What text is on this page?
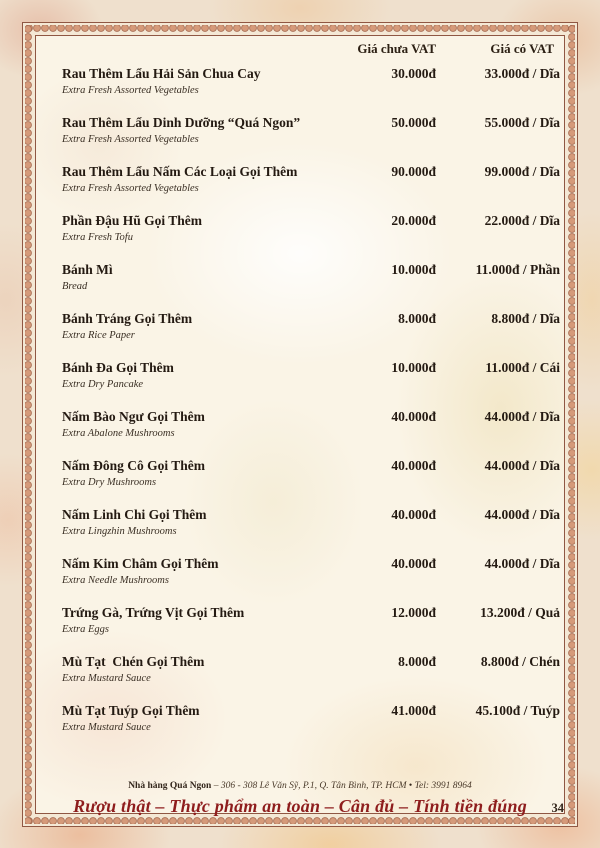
Giá chưa VAT	Giá có VAT
Rau Thêm Lẩu Hải Sản Chua Cay
Extra Fresh Assorted Vegetables
30.000đ	33.000đ / Dĩa
Rau Thêm Lẩu Dinh Dưỡng “Quá Ngon”
Extra Fresh Assorted Vegetables
50.000đ	55.000đ / Dĩa
Rau Thêm Lẩu Nấm Các Loại Gọi Thêm
Extra Fresh Assorted Vegetables
90.000đ	99.000đ / Dĩa
Phần Đậu Hũ Gọi Thêm
Extra Fresh Tofu
20.000đ	22.000đ / Dĩa
Bánh Mì
Bread
10.000đ	11.000đ / Phần
Bánh Tráng Gọi Thêm
Extra Rice Paper
8.000đ	8.800đ / Dĩa
Bánh Đa Gọi Thêm
Extra Dry Pancake
10.000đ	11.000đ / Cái
Nấm Bào Ngư Gọi Thêm
Extra Abalone Mushrooms
40.000đ	44.000đ / Dĩa
Nấm Đông Cô Gọi Thêm
Extra Dry Mushrooms
40.000đ	44.000đ / Dĩa
Nấm Linh Chi Gọi Thêm
Extra Lingzhin Mushrooms
40.000đ	44.000đ / Dĩa
Nấm Kim Châm Gọi Thêm
Extra Needle Mushrooms
40.000đ	44.000đ / Dĩa
Trứng Gà, Trứng Vịt Gọi Thêm
Extra Eggs
12.000đ	13.200đ / Quả
Mù Tạt  Chén Gọi Thêm
Extra Mustard Sauce
8.000đ	8.800đ / Chén
Mù Tạt Tuýp Gọi Thêm
Extra Mustard Sauce
41.000đ	45.100đ / Tuýp
Nhà hàng Quá Ngon – 306 - 308 Lê Văn Sỹ, P.1, Q. Tân Bình, TP. HCM • Tel: 3991 8964
Rượu thật – Thực phẩm an toàn – Cân đủ – Tính tiền đúng 34
